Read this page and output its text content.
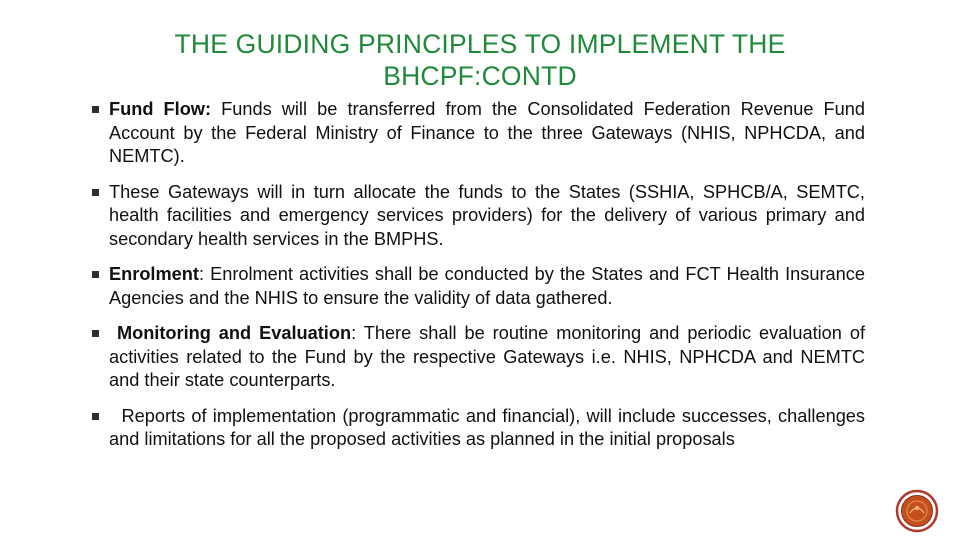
THE GUIDING PRINCIPLES TO IMPLEMENT THE
BHCPF:CONTD
Fund Flow: Funds will be transferred from the Consolidated Federation Revenue Fund Account by the Federal Ministry of Finance to the three Gateways (NHIS, NPHCDA, and NEMTC).
These Gateways will in turn allocate the funds to the States (SSHIA, SPHCB/A, SEMTC, health facilities and emergency services providers) for the delivery of various primary and secondary health services in the BMPHS.
Enrolment: Enrolment activities shall be conducted by the States and FCT Health Insurance Agencies and the NHIS to ensure the validity of data gathered.
Monitoring and Evaluation: There shall be routine monitoring and periodic evaluation of activities related to the Fund by the respective Gateways i.e. NHIS, NPHCDA and NEMTC and their state counterparts.
Reports of implementation (programmatic and financial), will include successes, challenges and limitations for all the proposed activities as planned in the initial proposals
